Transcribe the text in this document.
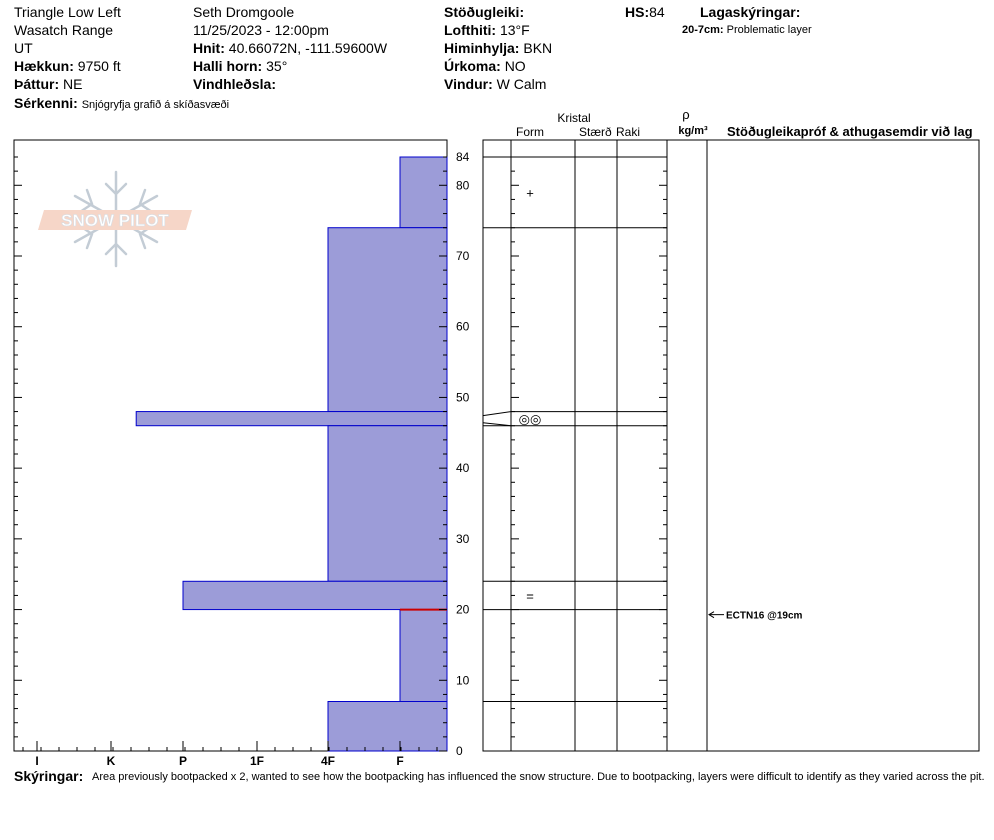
Triangle Low Left
Wasatch Range
UT
Hækkun: 9750 ft
Þáttur: NE
Sérkenni: Snjógryfja grafið á skíðasvæði
Seth Dromgoole
11/25/2023 - 12:00pm
Hnit: 40.66072N, -111.59600W
Halli horn: 35°
Vindhleðsla:
Stöðugleiki:
Lofthiti: 13°F
Himinhylja: BKN
Úrkoma: NO
Vindur: W Calm
HS:84	Lagaskýringar:
20-7cm: Problematic layer
SNOW PILOT
I	K	P	1F	4F	F
0
10
20
30
40
50
60
70
80
84
+
◎◎
=
ECTN16 @19cm
Kristal
Form	Stærð Raki
ρ
kg/m³ Stöðugleikapróf & athugasemdir við lag
Skýringar: Area previously bootpacked x 2, wanted to see how the bootpacking has influenced the snow structure. Due to bootpacking, layers were difficult to identify as they varied across the pit.
